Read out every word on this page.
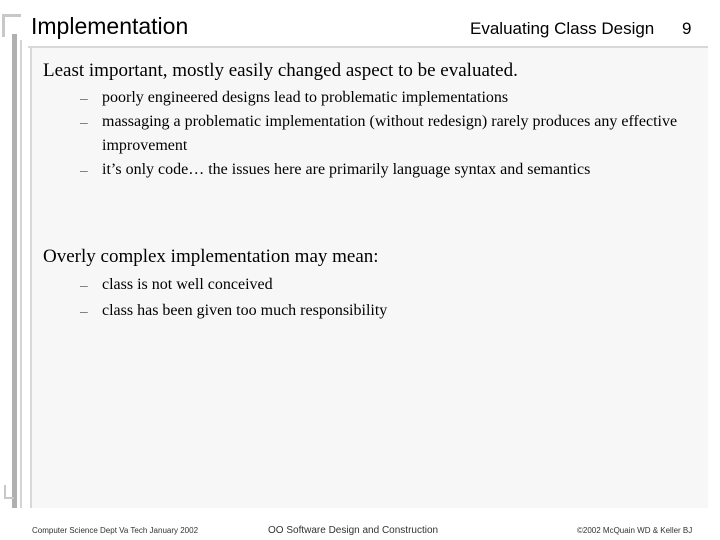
Implementation	Evaluating Class Design 9
Least important, mostly easily changed aspect to be evaluated.
– poorly engineered designs lead to problematic implementations
– massaging a problematic implementation (without redesign) rarely produces any effective improvement
– it’s only code… the issues here are primarily language syntax and semantics
Overly complex implementation may mean:
– class is not well conceived
– class has been given too much responsibility
Computer Science Dept Va Tech January 2002	OO Software Design and Construction	©2002 McQuain WD & Keller BJ
